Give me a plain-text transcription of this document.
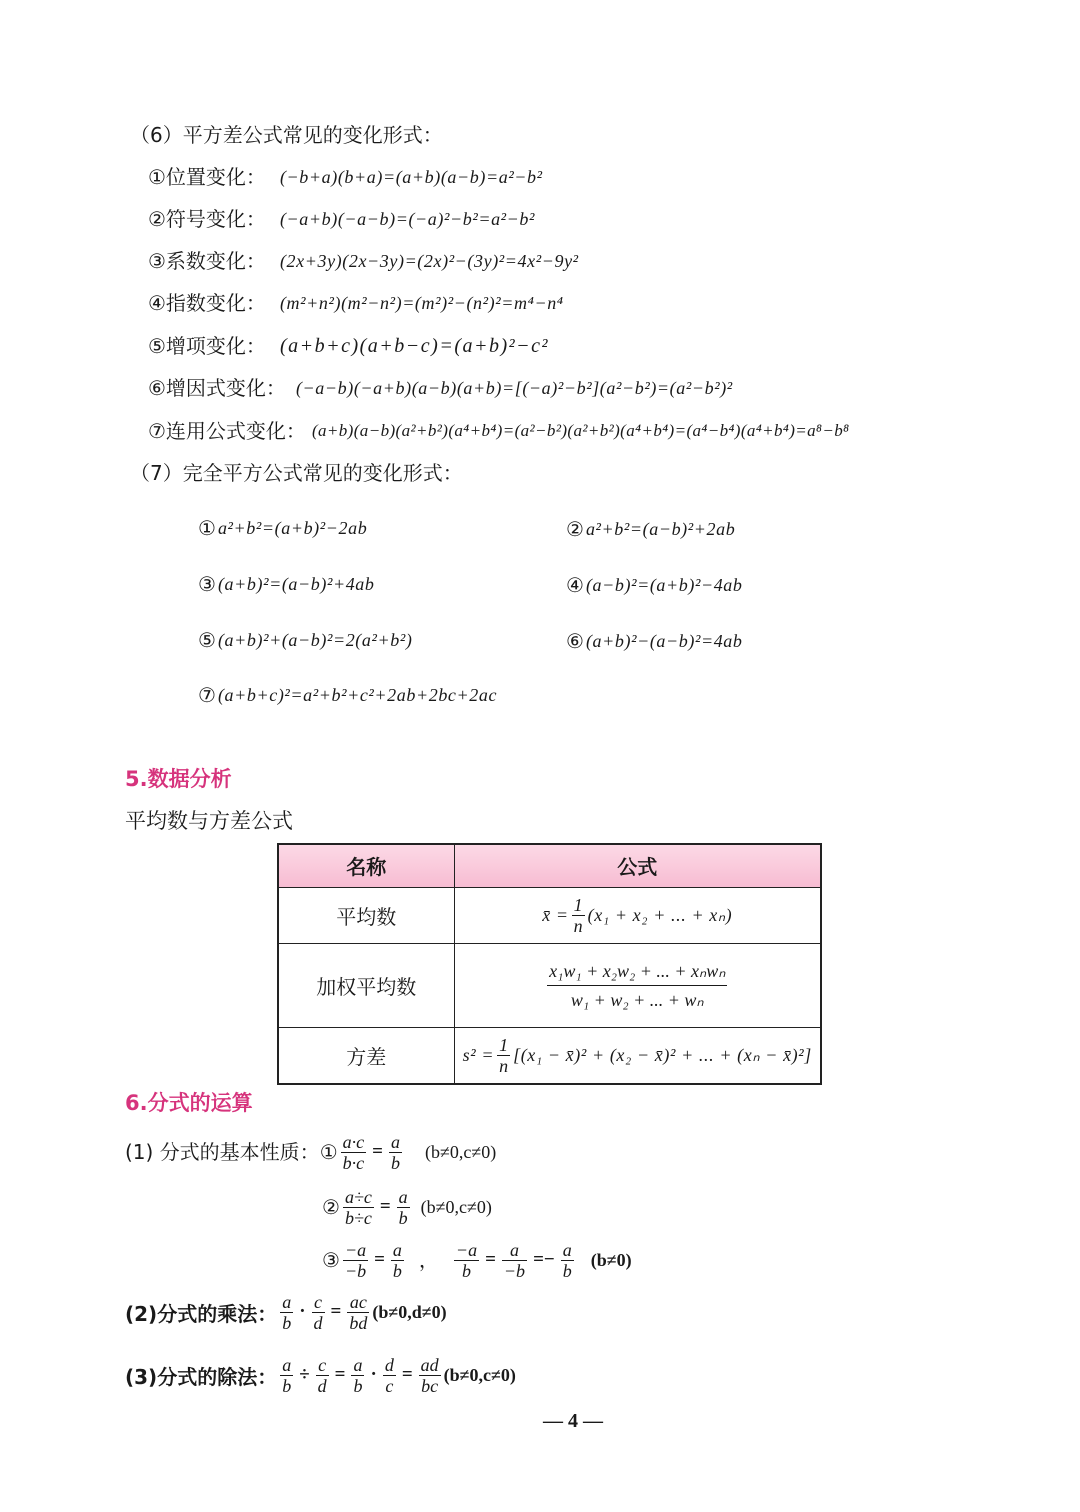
（6）平方差公式常见的变化形式：
①位置变化： (−b+a)(b+a)=(a+b)(a−b)=a²−b²
②符号变化： (−a+b)(−a−b)=(−a)²−b²=a²−b²
③系数变化： (2x+3y)(2x−3y)=(2x)²−(3y)²=4x²−9y²
④指数变化： (m²+n²)(m²−n²)=(m²)²−(n²)²=m⁴−n⁴
⑤增项变化： (a+b+c)(a+b−c)=(a+b)²−c²
⑥增因式变化： (−a−b)(−a+b)(a−b)(a+b)=[(−a)²−b²](a²−b²)=(a²−b²)²
⑦连用公式变化： (a+b)(a−b)(a²+b²)(a⁴+b⁴)=(a²−b²)(a²+b²)(a⁴+b⁴)=(a⁴−b⁴)(a⁴+b⁴)=a⁸−b⁸
（7）完全平方公式常见的变化形式：
① a²+b²=(a+b)²−2ab	② a²+b²=(a−b)²+2ab
③ (a+b)²=(a−b)²+4ab	④ (a−b)²=(a+b)²−4ab
⑤ (a+b)²+(a−b)²=2(a²+b²)	⑥ (a+b)²−(a−b)²=4ab
⑦ (a+b+c)²=a²+b²+c²+2ab+2bc+2ac
5.数据分析
平均数与方差公式
名称	公式
平均数	x̄ = $\frac{1}{n} (x_1 + x_2$ + ... + xₙ)

加权平均数	$\frac{\text{x₁w₁ + x₂w₂ + ... + xₙwₙ}}{\text{w₁ + w₂ + ... + wₙ}}$

方差	$s^2 = \frac{1}{n} [(x_1$ − x̄)² + (x₂ − x̄)² + ... + (xₙ − x̄)²]
6.分式的运算
(1) 分式的基本性质： ① $\frac{a\cdot c}{b\cdot c} = \frac{a}{b} (b\ne 0,c\ne 0)$
② $\frac{a\div c}{b\div c} = \frac{a}{b} (b\ne 0,c\ne 0)$
③ $\frac{-a}{-b} = \frac{a}{b}$ ， $\frac{-a}{b} = \frac{a}{-b} =- \frac{a}{b} (b\ne 0)$
(2)分式的乘法： $\frac{a}{b} \cdot \frac{c}{d} = \frac{ac}{bd} (b\ne 0,d\ne 0)$
(3)分式的除法： $\frac{a}{b} \div \frac{c}{d} = \frac{a}{b} \cdot \frac{d}{c} = \frac{ad}{bc} (b\ne 0,c\ne 0)$
— 4 —
